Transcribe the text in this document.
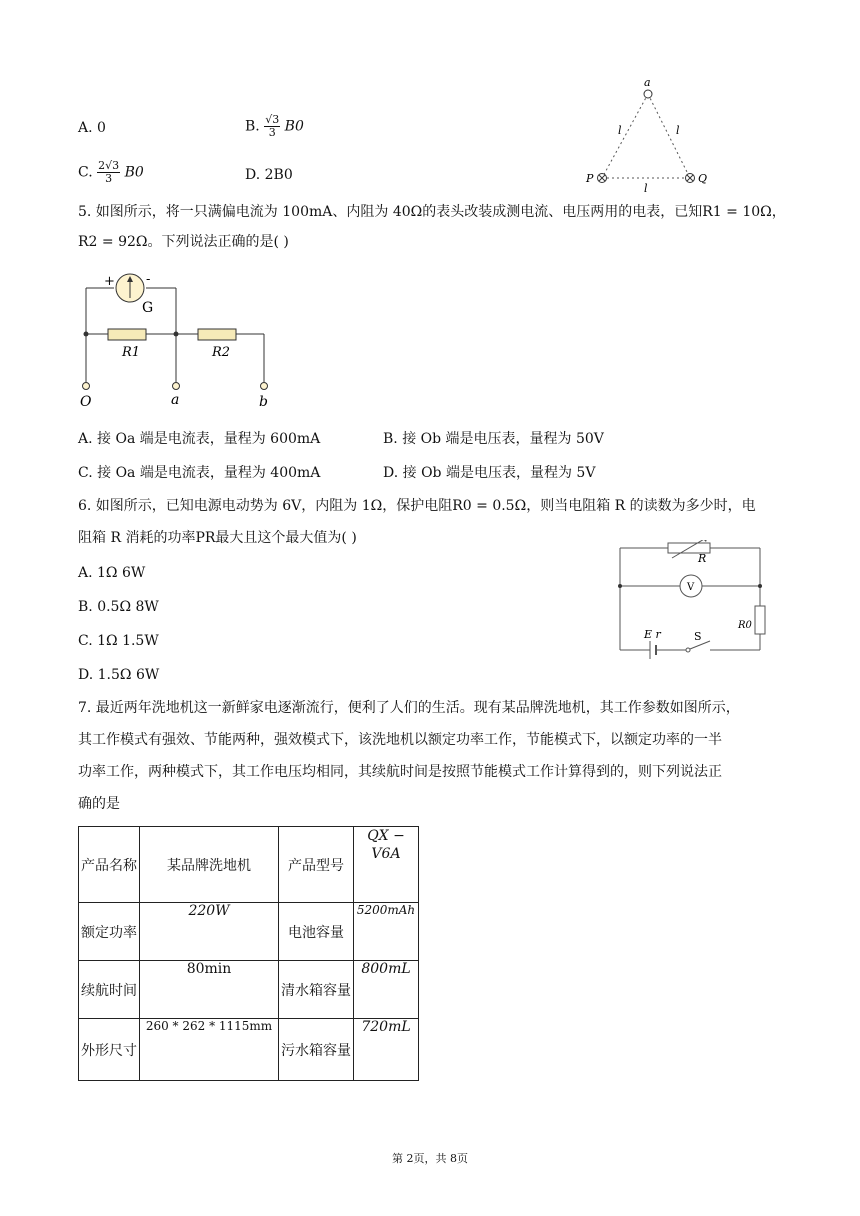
A. 0	B. $\frac{√3}{3} B0$
C. $\frac{2√3}{3} B0$	D. 2B0
a
P	Q
l	l
l
5. 如图所示，将一只满偏电流为 100mA、内阻为 40Ω的表头改装成测电流、电压两用的电表，已知R1 = 10Ω，
R2 = 92Ω。下列说法正确的是( )
+ -
G
R1	R2
O	a	b
A. 接 Oa 端是电流表，量程为 600mA	B. 接 Ob 端是电压表，量程为 50V
C. 接 Oa 端是电流表，量程为 400mA	D. 接 Ob 端是电压表，量程为 5V
6. 如图所示，已知电源电动势为 6V，内阻为 1Ω，保护电阻R0 = 0.5Ω，则当电阻箱 R 的读数为多少时，电
阻箱 R 消耗的功率PR最大且这个最大值为( )
A. 1Ω 6W
B. 0.5Ω 8W
C. 1Ω 1.5W
D. 1.5Ω 6W
R
V
R0
E r	S
7. 最近两年洗地机这一新鲜家电逐渐流行，便利了人们的生活。现有某品牌洗地机，其工作参数如图所示，
其工作模式有强效、节能两种，强效模式下，该洗地机以额定功率工作，节能模式下，以额定功率的一半
功率工作，两种模式下，其工作电压均相同，其续航时间是按照节能模式工作计算得到的，则下列说法正
确的是
产品名称	某品牌洗地机	产品型号	QX − V6A
额定功率	220W	电池容量	5200mAh
续航时间	80min	清水箱容量	800mL
外形尺寸	260 * 262 * 1115mm	污水箱容量	720mL
第 2页，共 8页
